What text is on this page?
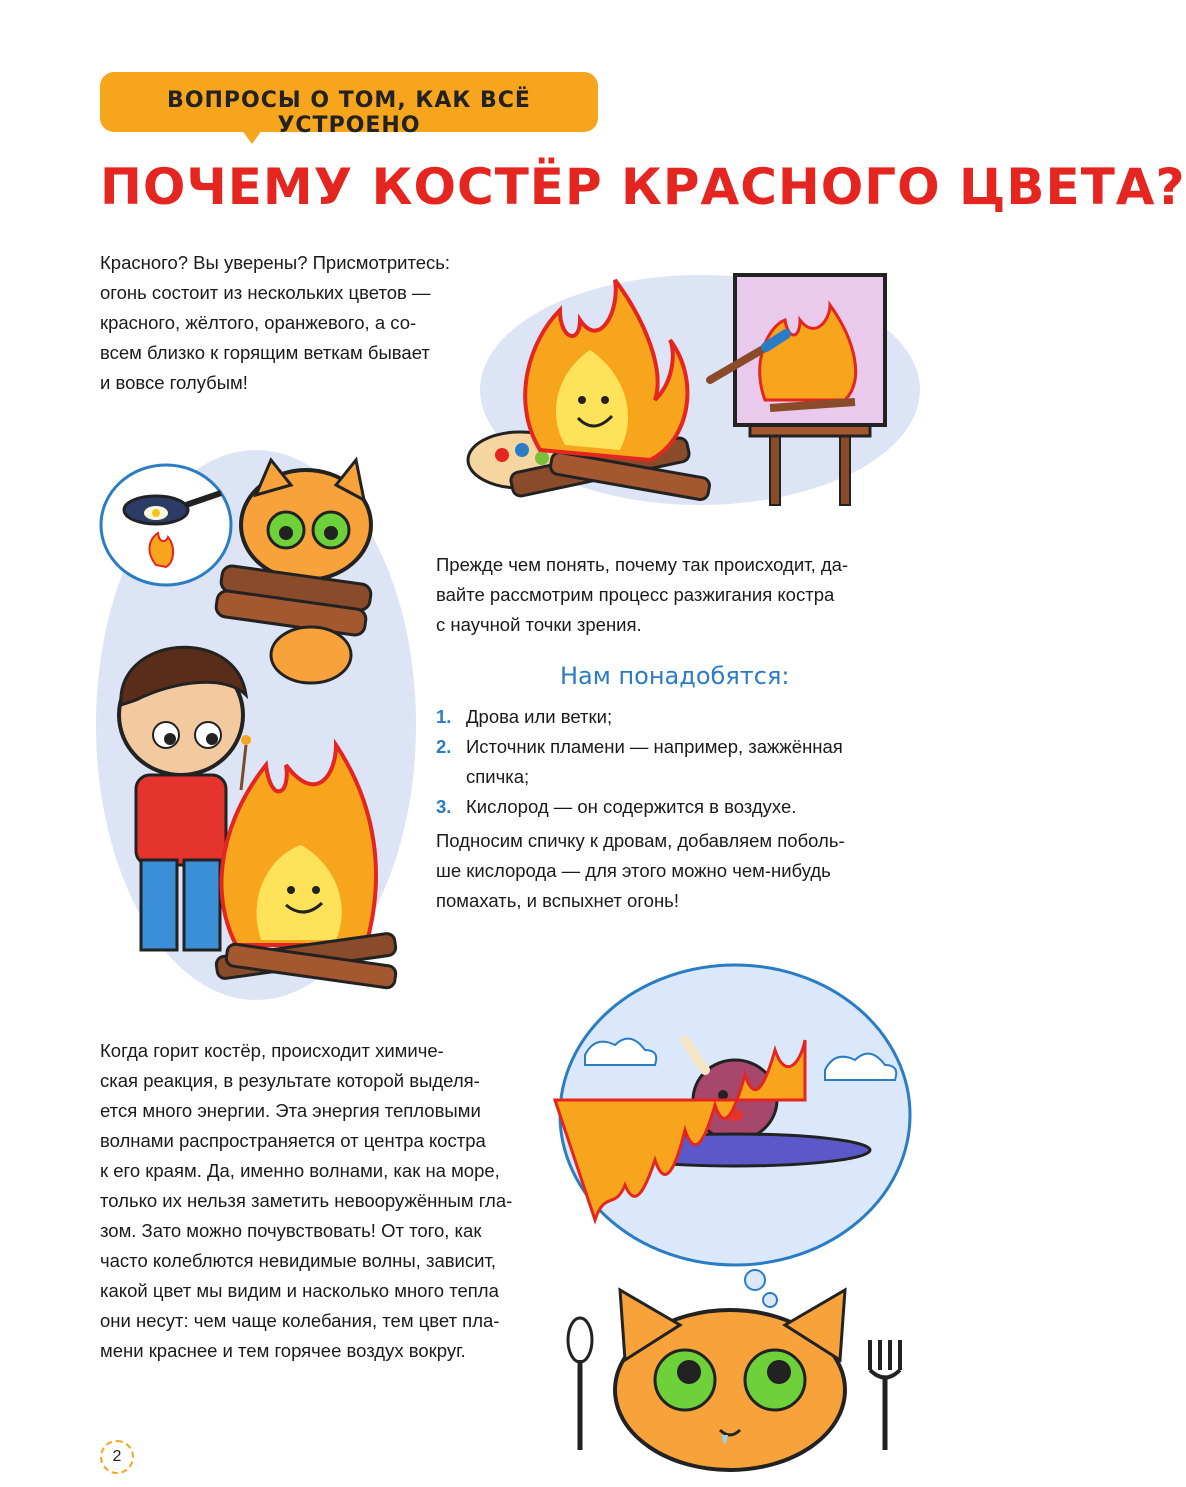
ВОПРОСЫ О ТОМ, КАК ВСЁ УСТРОЕНО
ПОЧЕМУ КОСТЁР КРАСНОГО ЦВЕТА?

Красного? Вы уверены? Присмотритесь:
огонь состоит из нескольких цветов —
красного, жёлтого, оранжевого, а со-
всем близко к горящим веткам бывает
и вовсе голубым!

Прежде чем понять, почему так происходит, да-
вайте рассмотрим процесс разжигания костра
с научной точки зрения.

Нам понадобятся:
1. Дрова или ветки;
2. Источник пламени — например, зажжённая спичка;
3. Кислород — он содержится в воздухе.

Подносим спичку к дровам, добавляем поболь-
ше кислорода — для этого можно чем-нибудь
помахать, и вспыхнет огонь!

Когда горит костёр, происходит химиче-
ская реакция, в результате которой выделя-
ется много энергии. Эта энергия тепловыми
волнами распространяется от центра костра
к его краям. Да, именно волнами, как на море,
только их нельзя заметить невооружённым гла-
зом. Зато можно почувствовать! От того, как
часто колеблются невидимые волны, зависит,
какой цвет мы видим и насколько много тепла
они несут: чем чаще колебания, тем цвет пла-
мени краснее и тем горячее воздух вокруг.

2
